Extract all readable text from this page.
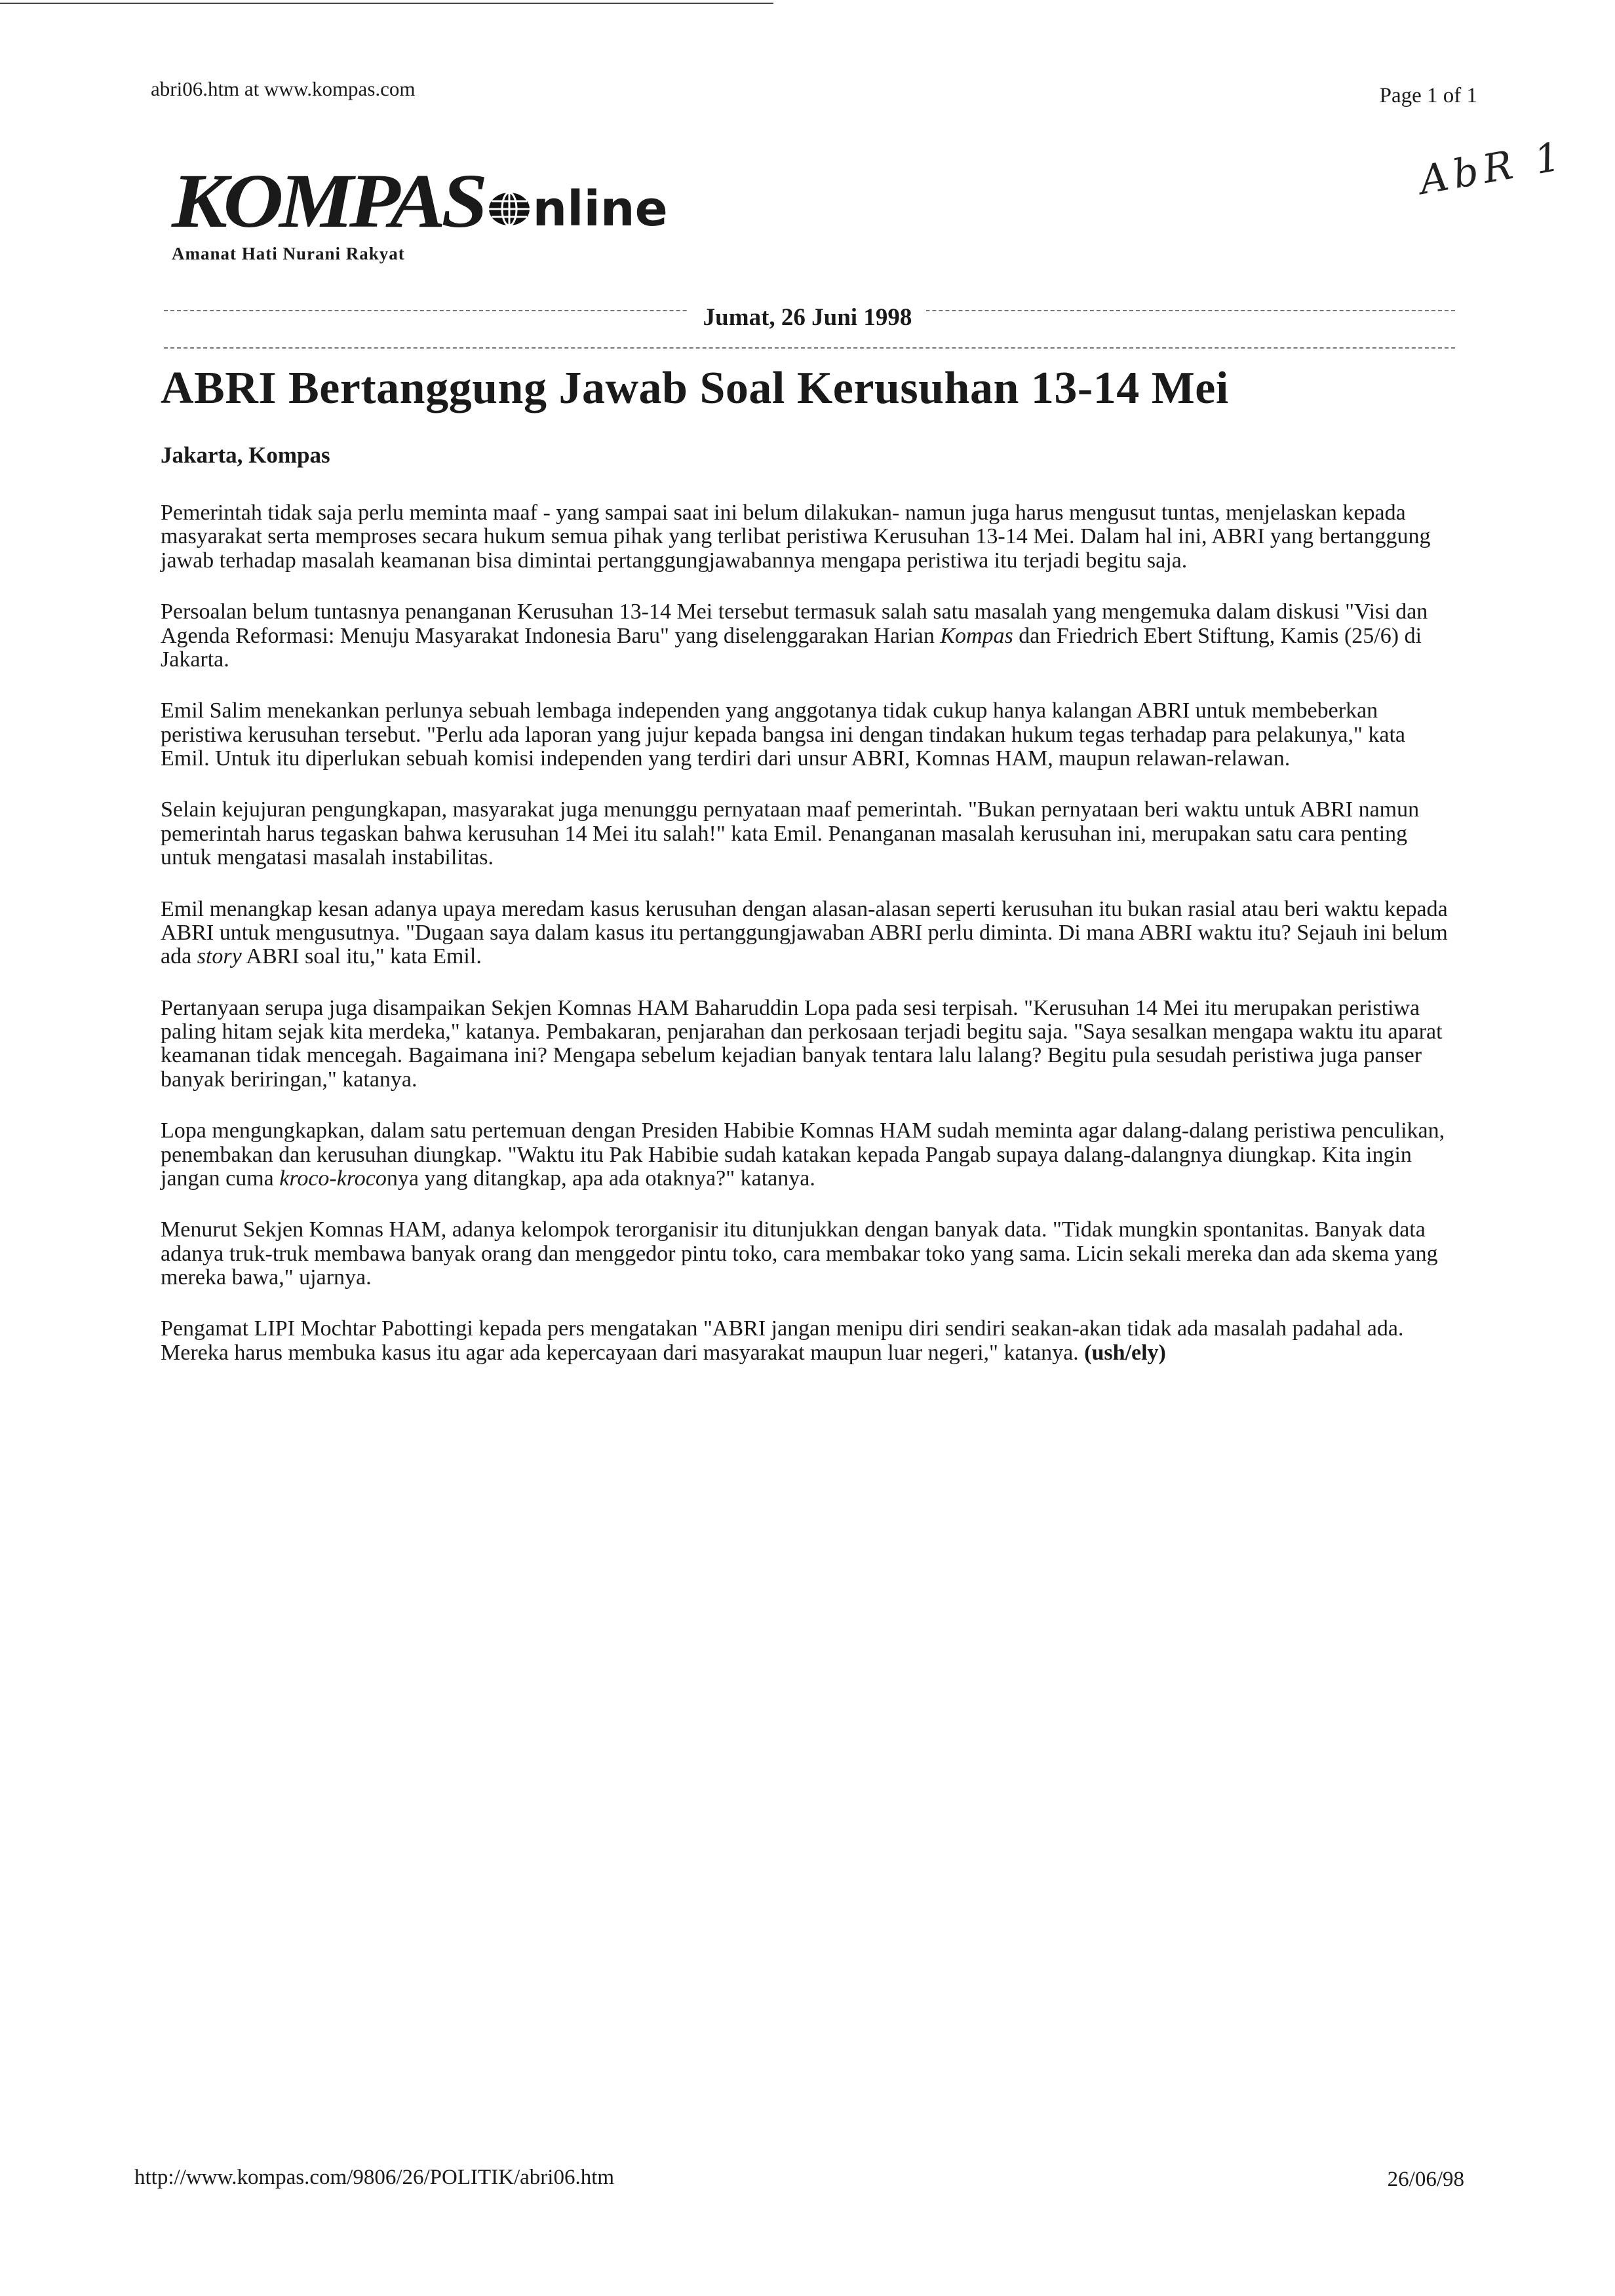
abri06.htm at www.kompas.com	Page 1 of 1
AbR 1
KOMPAS nline
Amanat Hati Nurani Rakyat
Jumat, 26 Juni 1998
ABRI Bertanggung Jawab Soal Kerusuhan 13-14 Mei
Jakarta, Kompas

Pemerintah tidak saja perlu meminta maaf - yang sampai saat ini belum dilakukan- namun juga harus mengusut tuntas, menjelaskan kepada masyarakat serta memproses secara hukum semua pihak yang terlibat peristiwa Kerusuhan 13-14 Mei. Dalam hal ini, ABRI yang bertanggung jawab terhadap masalah keamanan bisa dimintai pertanggungjawabannya mengapa peristiwa itu terjadi begitu saja.

Persoalan belum tuntasnya penanganan Kerusuhan 13-14 Mei tersebut termasuk salah satu masalah yang mengemuka dalam diskusi "Visi dan Agenda Reformasi: Menuju Masyarakat Indonesia Baru" yang diselenggarakan Harian Kompas dan Friedrich Ebert Stiftung, Kamis (25/6) di Jakarta.

Emil Salim menekankan perlunya sebuah lembaga independen yang anggotanya tidak cukup hanya kalangan ABRI untuk membeberkan peristiwa kerusuhan tersebut. "Perlu ada laporan yang jujur kepada bangsa ini dengan tindakan hukum tegas terhadap para pelakunya," kata Emil. Untuk itu diperlukan sebuah komisi independen yang terdiri dari unsur ABRI, Komnas HAM, maupun relawan-relawan.

Selain kejujuran pengungkapan, masyarakat juga menunggu pernyataan maaf pemerintah. "Bukan pernyataan beri waktu untuk ABRI namun pemerintah harus tegaskan bahwa kerusuhan 14 Mei itu salah!" kata Emil. Penanganan masalah kerusuhan ini, merupakan satu cara penting untuk mengatasi masalah instabilitas.

Emil menangkap kesan adanya upaya meredam kasus kerusuhan dengan alasan-alasan seperti kerusuhan itu bukan rasial atau beri waktu kepada ABRI untuk mengusutnya. "Dugaan saya dalam kasus itu pertanggungjawaban ABRI perlu diminta. Di mana ABRI waktu itu? Sejauh ini belum ada story ABRI soal itu," kata Emil.

Pertanyaan serupa juga disampaikan Sekjen Komnas HAM Baharuddin Lopa pada sesi terpisah. "Kerusuhan 14 Mei itu merupakan peristiwa paling hitam sejak kita merdeka," katanya. Pembakaran, penjarahan dan perkosaan terjadi begitu saja. "Saya sesalkan mengapa waktu itu aparat keamanan tidak mencegah. Bagaimana ini? Mengapa sebelum kejadian banyak tentara lalu lalang? Begitu pula sesudah peristiwa juga panser banyak beriringan," katanya.

Lopa mengungkapkan, dalam satu pertemuan dengan Presiden Habibie Komnas HAM sudah meminta agar dalang-dalang peristiwa penculikan, penembakan dan kerusuhan diungkap. "Waktu itu Pak Habibie sudah katakan kepada Pangab supaya dalang-dalangnya diungkap. Kita ingin jangan cuma kroco-kroconya yang ditangkap, apa ada otaknya?" katanya.

Menurut Sekjen Komnas HAM, adanya kelompok terorganisir itu ditunjukkan dengan banyak data. "Tidak mungkin spontanitas. Banyak data adanya truk-truk membawa banyak orang dan menggedor pintu toko, cara membakar toko yang sama. Licin sekali mereka dan ada skema yang mereka bawa," ujarnya.

Pengamat LIPI Mochtar Pabottingi kepada pers mengatakan "ABRI jangan menipu diri sendiri seakan-akan tidak ada masalah padahal ada. Mereka harus membuka kasus itu agar ada kepercayaan dari masyarakat maupun luar negeri," katanya. (ush/ely)

http://www.kompas.com/9806/26/POLITIK/abri06.htm	26/06/98
